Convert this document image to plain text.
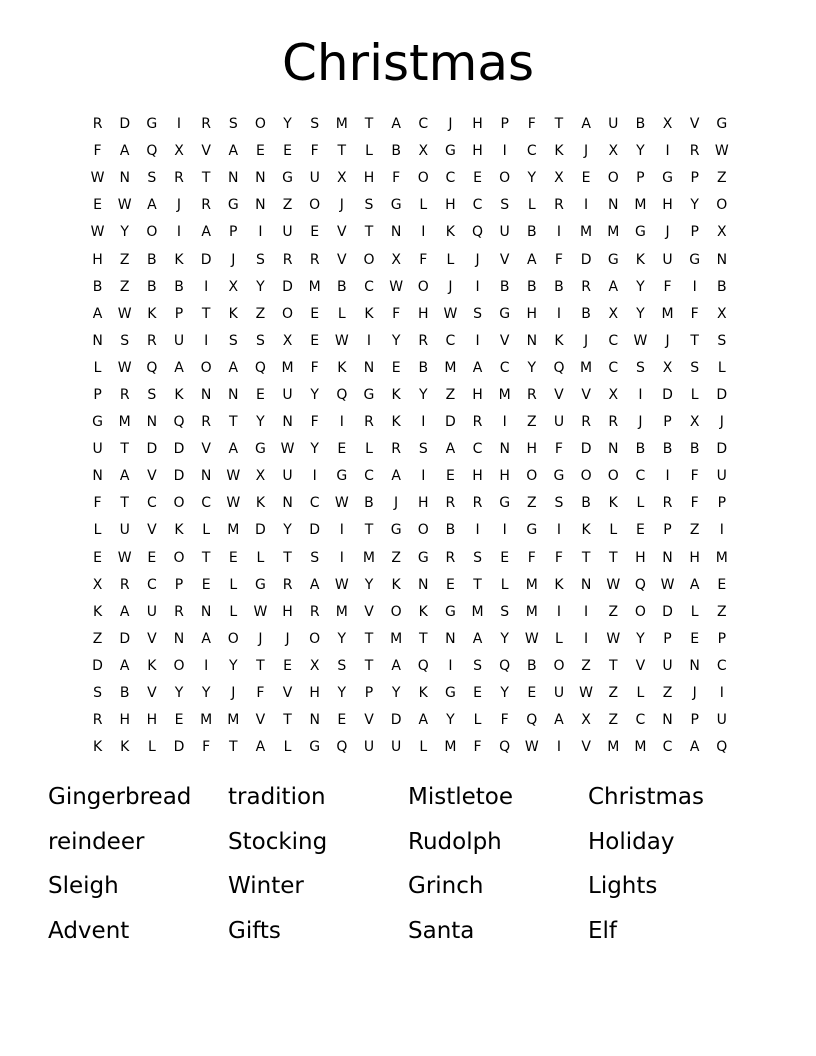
Christmas
R	D	G	I	R	S	O	Y	S	M	T	A	C	J	H	P	F	T	A	U	B	X	V	G
F	A	Q	X	V	A	E	E	F	T	L	B	X	G	H	I	C	K	J	X	Y	I	R	W
W	N	S	R	T	N	N	G	U	X	H	F	O	C	E	O	Y	X	E	O	P	G	P	Z
E	W	A	J	R	G	N	Z	O	J	S	G	L	H	C	S	L	R	I	N	M	H	Y	O
W	Y	O	I	A	P	I	U	E	V	T	N	I	K	Q	U	B	I	M	M	G	J	P	X
H	Z	B	K	D	J	S	R	R	V	O	X	F	L	J	V	A	F	D	G	K	U	G	N
B	Z	B	B	I	X	Y	D	M	B	C	W	O	J	I	B	B	B	R	A	Y	F	I	B
A	W	K	P	T	K	Z	O	E	L	K	F	H	W	S	G	H	I	B	X	Y	M	F	X
N	S	R	U	I	S	S	X	E	W	I	Y	R	C	I	V	N	K	J	C	W	J	T	S
L	W	Q	A	O	A	Q	M	F	K	N	E	B	M	A	C	Y	Q	M	C	S	X	S	L
P	R	S	K	N	N	E	U	Y	Q	G	K	Y	Z	H	M	R	V	V	X	I	D	L	D
G	M	N	Q	R	T	Y	N	F	I	R	K	I	D	R	I	Z	U	R	R	J	P	X	J
U	T	D	D	V	A	G	W	Y	E	L	R	S	A	C	N	H	F	D	N	B	B	B	D
N	A	V	D	N	W	X	U	I	G	C	A	I	E	H	H	O	G	O	O	C	I	F	U
F	T	C	O	C	W	K	N	C	W	B	J	H	R	R	G	Z	S	B	K	L	R	F	P
L	U	V	K	L	M	D	Y	D	I	T	G	O	B	I	I	G	I	K	L	E	P	Z	I
E	W	E	O	T	E	L	T	S	I	M	Z	G	R	S	E	F	F	T	T	H	N	H	M
X	R	C	P	E	L	G	R	A	W	Y	K	N	E	T	L	M	K	N	W	Q	W	A	E
K	A	U	R	N	L	W	H	R	M	V	O	K	G	M	S	M	I	I	Z	O	D	L	Z
Z	D	V	N	A	O	J	J	O	Y	T	M	T	N	A	Y	W	L	I	W	Y	P	E	P
D	A	K	O	I	Y	T	E	X	S	T	A	Q	I	S	Q	B	O	Z	T	V	U	N	C
S	B	V	Y	Y	J	F	V	H	Y	P	Y	K	G	E	Y	E	U	W	Z	L	Z	J	I
R	H	H	E	M	M	V	T	N	E	V	D	A	Y	L	F	Q	A	X	Z	C	N	P	U
K	K	L	D	F	T	A	L	G	Q	U	U	L	M	F	Q	W	I	V	M	M	C	A	Q
Gingerbread	tradition	Mistletoe	Christmas
reindeer	Stocking	Rudolph	Holiday
Sleigh	Winter	Grinch	Lights
Advent	Gifts	Santa	Elf
